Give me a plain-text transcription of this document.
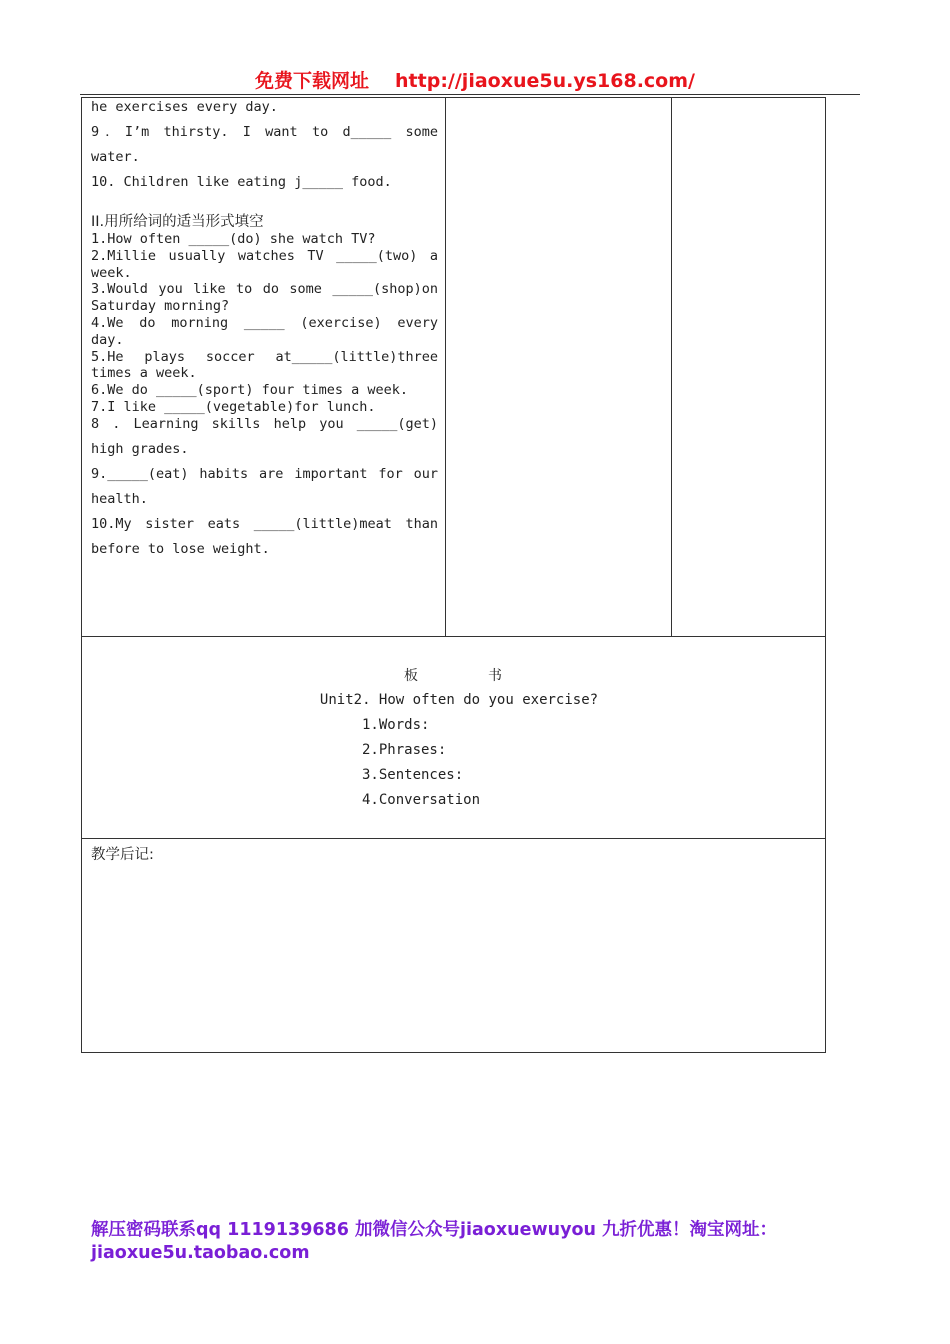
免费下载网址 http://jiaoxue5u.ys168.com/
he exercises every day.
9．I’m thirsty. I want to d_____ some
water.
10. Children like eating j_____ food.
II.用所给词的适当形式填空
1.How often _____(do) she watch TV?
2.Millie usually watches TV _____(two) a
week.
3.Would you like to do some _____(shop)on
Saturday morning?
4.We do morning _____ (exercise) every
day.
5.He plays soccer at_____(little)three
times a week.
6.We do _____(sport) four times a week.
7.I like _____(vegetable)for lunch.
8 . Learning skills help you _____(get)
high grades.
9._____(eat) habits are important for our
health.
10.My sister eats _____(little)meat than
before to lose weight.
板	书
Unit2. How often do you exercise?
1.Words:
2.Phrases:
3.Sentences:
4.Conversation
教学后记:
解压密码联系qq 1119139686 加微信公众号jiaoxuewuyou 九折优惠！淘宝网址：jiaoxue5u.taobao.com
